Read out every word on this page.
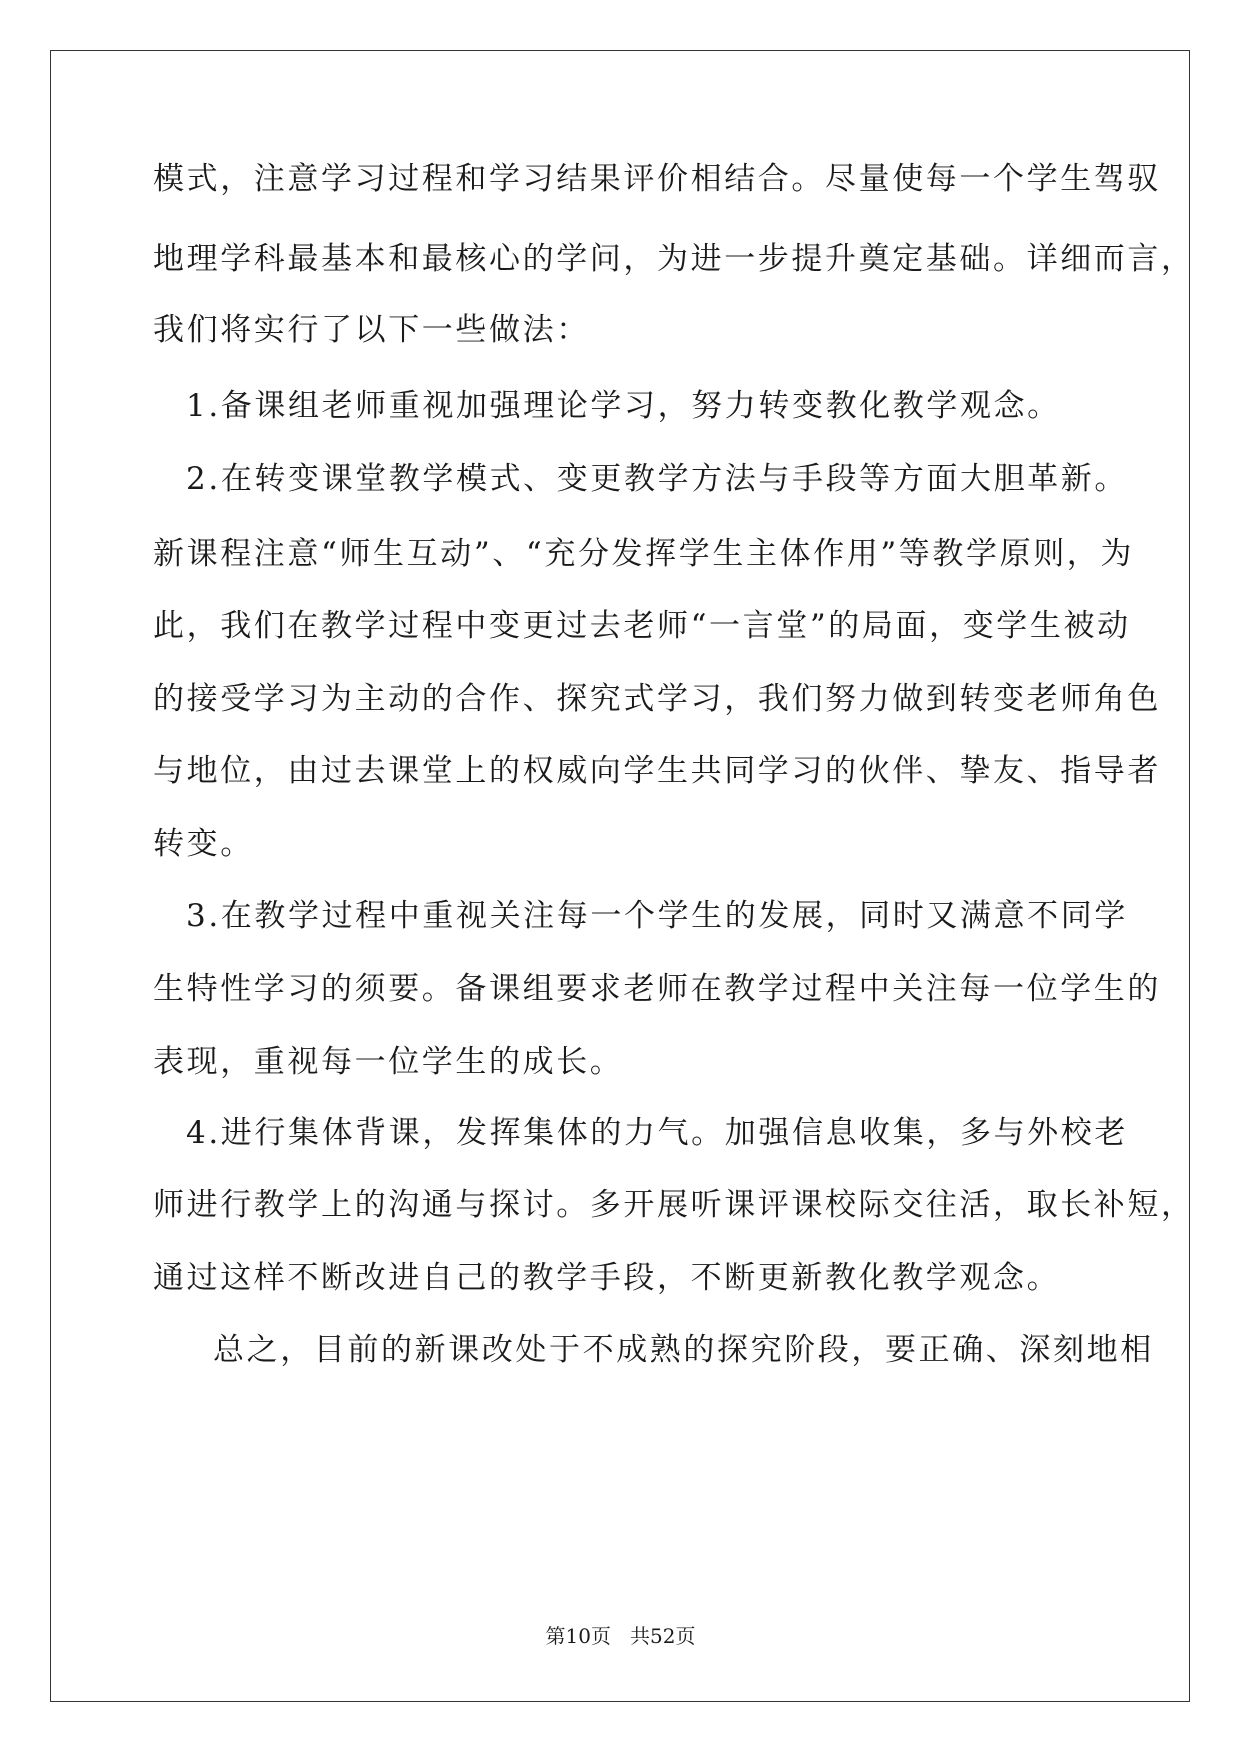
模式，注意学习过程和学习结果评价相结合。尽量使每一个学生驾驭
地理学科最基本和最核心的学问，为进一步提升奠定基础。详细而言，
我们将实行了以下一些做法：
1.备课组老师重视加强理论学习，努力转变教化教学观念。
2.在转变课堂教学模式、变更教学方法与手段等方面大胆革新。
新课程注意“师生互动”、“充分发挥学生主体作用”等教学原则，为
此，我们在教学过程中变更过去老师“一言堂”的局面，变学生被动
的接受学习为主动的合作、探究式学习，我们努力做到转变老师角色
与地位，由过去课堂上的权威向学生共同学习的伙伴、挚友、指导者
转变。
3.在教学过程中重视关注每一个学生的发展，同时又满意不同学
生特性学习的须要。备课组要求老师在教学过程中关注每一位学生的
表现，重视每一位学生的成长。
4.进行集体背课，发挥集体的力气。加强信息收集，多与外校老
师进行教学上的沟通与探讨。多开展听课评课校际交往活，取长补短，
通过这样不断改进自己的教学手段，不断更新教化教学观念。
总之，目前的新课改处于不成熟的探究阶段，要正确、深刻地相
第10页   共52页
